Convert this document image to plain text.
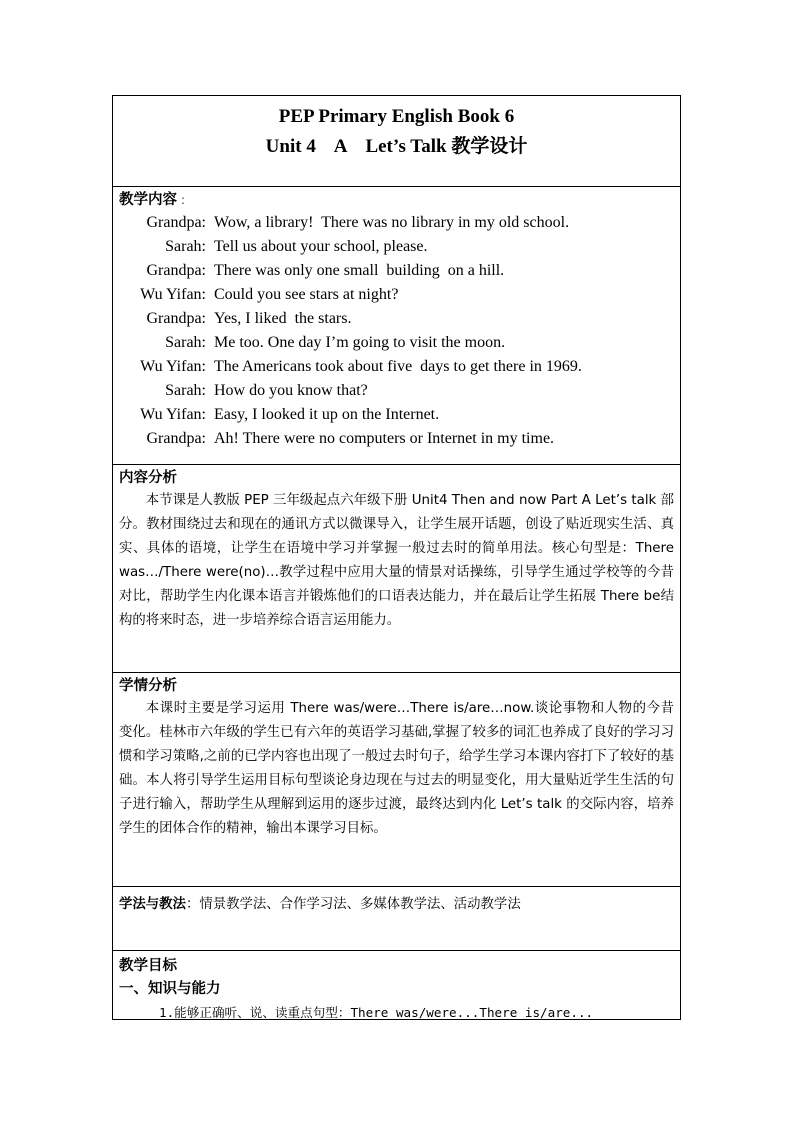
PEP Primary English Book 6
Unit 4    A    Let’s Talk 教学设计
教学内容 :
Grandpa: Wow, a library!  There was no library in my old school.
Sarah: Tell us about your school, please.
Grandpa: There was only one small  building  on a hill.
Wu Yifan: Could you see stars at night?
Grandpa: Yes, I liked  the stars.
Sarah: Me too. One day I’m going to visit the moon.
Wu Yifan: The Americans took about five  days to get there in 1969.
Sarah: How do you know that?
Wu Yifan: Easy, I looked it up on the Internet.
Grandpa: Ah! There were no computers or Internet in my time.
内容分析

本节课是人教版 PEP 三年级起点六年级下册 Unit4 Then and now Part A Let’s talk 部分。教材围绕过去和现在的通讯方式以微课导入，让学生展开话题，创设了贴近现实生活、真实、具体的语境，让学生在语境中学习并掌握一般过去时的简单用法。核心句型是：There was…/There were(no)…教学过程中应用大量的情景对话操练，引导学生通过学校等的今昔对比，帮助学生内化课本语言并锻炼他们的口语表达能力，并在最后让学生拓展 There be结构的将来时态，进一步培养综合语言运用能力。

学情分析

本课时主要是学习运用 There was/were…There is/are…now.谈论事物和人物的今昔变化。桂林市六年级的学生已有六年的英语学习基础,掌握了较多的词汇也养成了良好的学习习惯和学习策略,之前的已学内容也出现了一般过去时句子，给学生学习本课内容打下了较好的基础。本人将引导学生运用目标句型谈论身边现在与过去的明显变化，用大量贴近学生生活的句子进行输入，帮助学生从理解到运用的逐步过渡，最终达到内化 Let’s talk 的交际内容，培养学生的团体合作的精神，输出本课学习目标。

学法与教法：情景教学法、合作学习法、多媒体教学法、活动教学法
教学目标
一、知识与能力
1.能够正确听、说、读重点句型：There was/were...There is/are...
